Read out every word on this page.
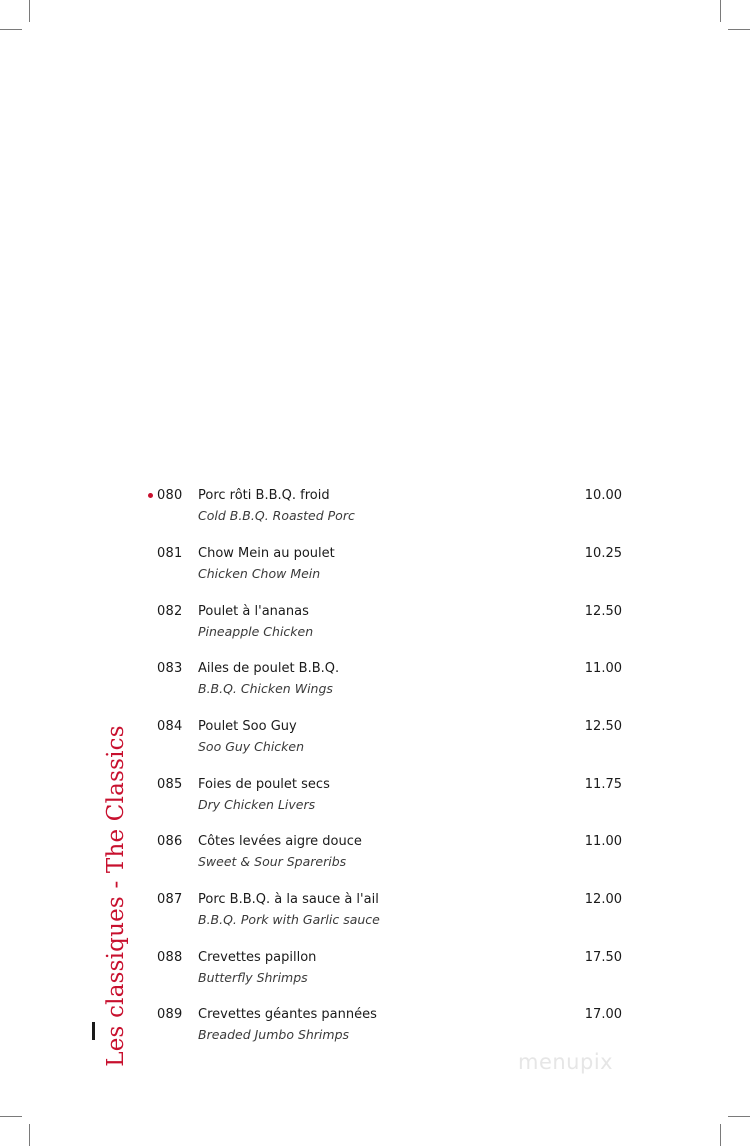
Les classiques - The Classics
080 Porc rôti B.B.Q. froid
Cold B.B.Q. Roasted Porc
10.00
081 Chow Mein au poulet
Chicken Chow Mein
10.25
082 Poulet à l'ananas
Pineapple Chicken
12.50
083 Ailes de poulet B.B.Q.
B.B.Q. Chicken Wings
11.00
084 Poulet Soo Guy
Soo Guy Chicken
12.50
085 Foies de poulet secs
Dry Chicken Livers
11.75
086 Côtes levées aigre douce
Sweet & Sour Spareribs
11.00
087 Porc B.B.Q. à la sauce à l'ail
B.B.Q. Pork with Garlic sauce
12.00
088 Crevettes papillon
Butterfly Shrimps
17.50
089 Crevettes géantes pannées
Breaded Jumbo Shrimps
17.00
menupix
